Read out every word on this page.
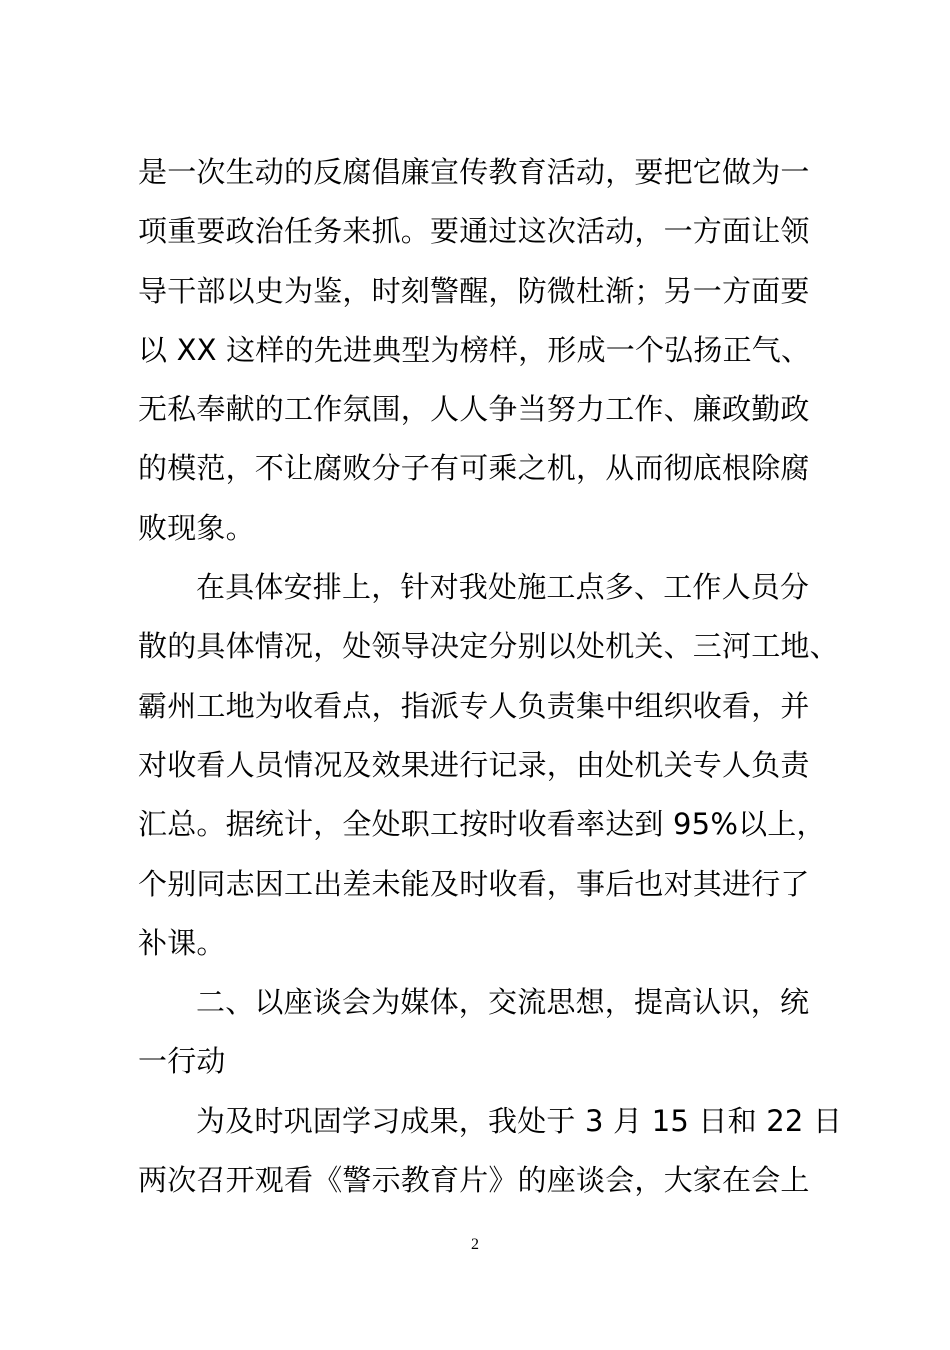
是一次生动的反腐倡廉宣传教育活动，要把它做为一
项重要政治任务来抓。要通过这次活动，一方面让领
导干部以史为鉴，时刻警醒，防微杜渐；另一方面要
以 XX 这样的先进典型为榜样，形成一个弘扬正气、
无私奉献的工作氛围，人人争当努力工作、廉政勤政
的模范，不让腐败分子有可乘之机，从而彻底根除腐
败现象。
在具体安排上，针对我处施工点多、工作人员分
散的具体情况，处领导决定分别以处机关、三河工地、
霸州工地为收看点，指派专人负责集中组织收看，并
对收看人员情况及效果进行记录，由处机关专人负责
汇总。据统计，全处职工按时收看率达到 95%以上，
个别同志因工出差未能及时收看，事后也对其进行了
补课。
二、以座谈会为媒体，交流思想，提高认识，统
一行动
为及时巩固学习成果，我处于 3 月 15 日和 22 日
两次召开观看《警示教育片》的座谈会，大家在会上
2
